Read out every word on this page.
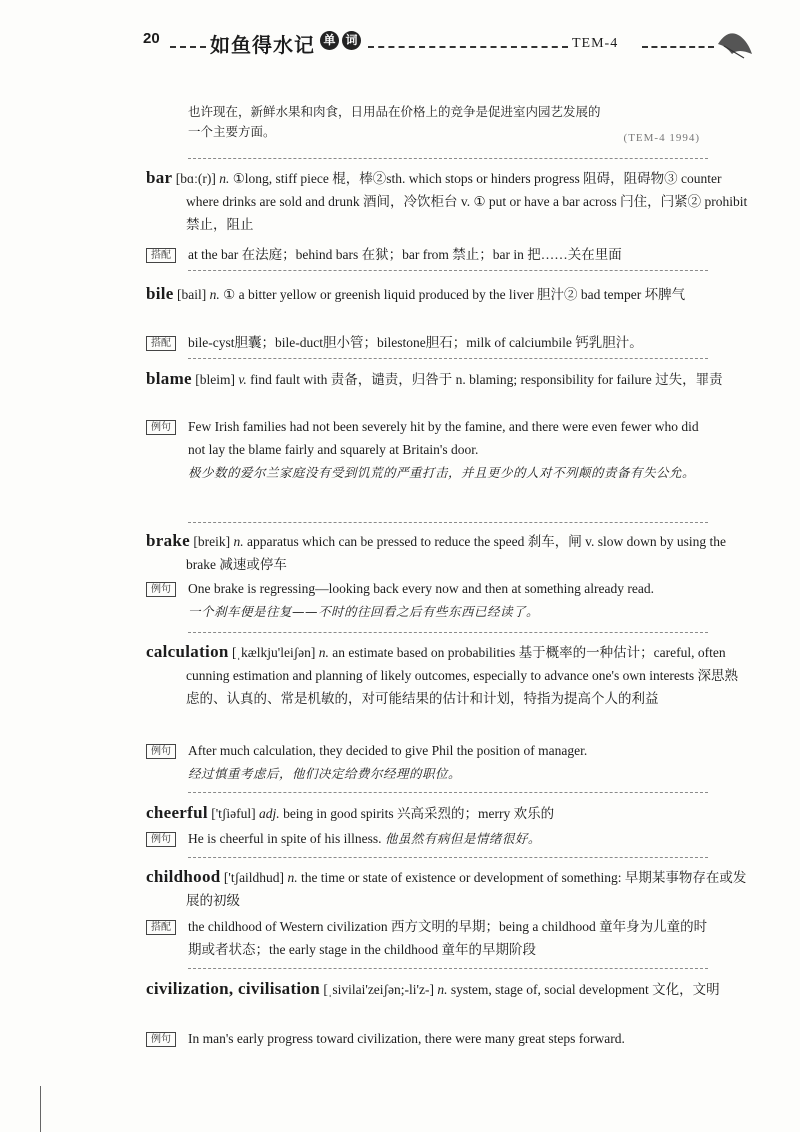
20	如鱼得水记 单 词	TEM-4
也许现在，新鲜水果和肉食，日用品在价格上的竞争是促进室内园艺发展的
一个主要方面。	(TEM-4 1994)
bar [bɑː(r)] n. ①long, stiff piece 棍，棒②sth. which stops or hinders progress 阻碍，阻碍物③ counter where drinks are sold and drunk 酒间，冷饮柜台 v. ① put or have a bar across 闩住，闩紧② prohibit 禁止，阻止
搭配	at the bar 在法庭；behind bars 在狱；bar from 禁止；bar in 把……关在里面
bile [bail] n. ① a bitter yellow or greenish liquid produced by the liver 胆汁② bad temper 坏脾气
搭配	bile-cyst胆囊；bile-duct胆小管；bilestone胆石；milk of calciumbile 钙乳胆汁。
blame [bleim] v. find fault with 责备，谴责，归咎于 n. blaming; responsibility for failure 过失，罪责
例句	Few Irish families had not been severely hit by the famine, and there were even fewer who did not lay the blame fairly and squarely at Britain's door.
极少数的爱尔兰家庭没有受到饥荒的严重打击，并且更少的人对不列颠的责备有失公允。
brake [breik] n. apparatus which can be pressed to reduce the speed 刹车，闸 v. slow down by using the brake 减速或停车
例句	One brake is regressing—looking back every now and then at something already read.
一个刹车便是往复——不时的往回看之后有些东西已经读了。
calculation [ˌkælkju'leiʃən] n. an estimate based on probabilities 基于概率的一种估计；careful, often cunning estimation and planning of likely outcomes, especially to advance one's own interests 深思熟虑的、认真的、常是机敏的，对可能结果的估计和计划，特指为提高个人的利益
例句	After much calculation, they decided to give Phil the position of manager.
经过慎重考虑后，他们决定给费尔经理的职位。
cheerful ['tʃiəful] adj. being in good spirits 兴高采烈的；merry 欢乐的
例句	He is cheerful in spite of his illness. 他虽然有病但是情绪很好。
childhood ['tʃaildhud] n. the time or state of existence or development of something: 早期某事物存在或发展的初级
搭配	the childhood of Western civilization 西方文明的早期；being a childhood 童年身为儿童的时期或者状态；the early stage in the childhood 童年的早期阶段
civilization, civilisation [ˌsivilai'zeiʃən;-li'z-] n. system, stage of, social development 文化，文明
例句	In man's early progress toward civilization, there were many great steps forward.
